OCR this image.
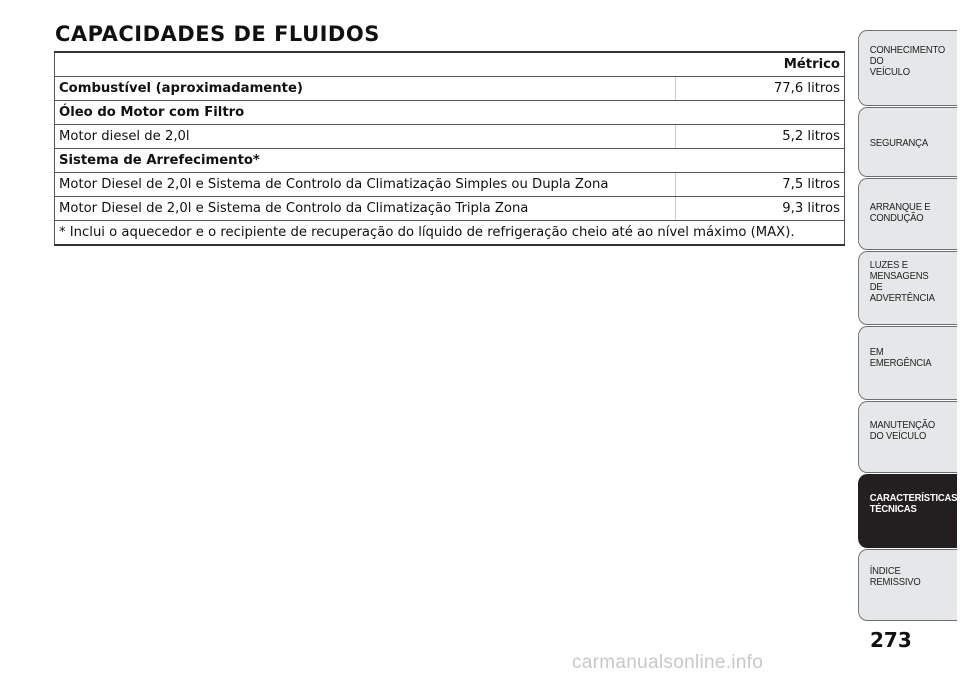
CAPACIDADES DE FLUIDOS
	Métrico
Combustível (aproximadamente)	77,6 litros
Óleo do Motor com Filtro	
Motor diesel de 2,0l	5,2 litros
Sistema de Arrefecimento*	
Motor Diesel de 2,0l e Sistema de Controlo da Climatização Simples ou Dupla Zona	7,5 litros
Motor Diesel de 2,0l e Sistema de Controlo da Climatização Tripla Zona	9,3 litros
* Inclui o aquecedor e o recipiente de recuperação do líquido de refrigeração cheio até ao nível máximo (MAX).	
CONHECIMENTO
DO
VEÍCULO
SEGURANÇA
ARRANQUE E
CONDUÇÃO
LUZES E
MENSAGENS
DE
ADVERTÊNCIA
EM
EMERGÊNCIA
MANUTENÇÃO
DO VEÍCULO
CARACTERÍSTICAS
TÉCNICAS
ÍNDICE
REMISSIVO
273
carmanualsonline.info
